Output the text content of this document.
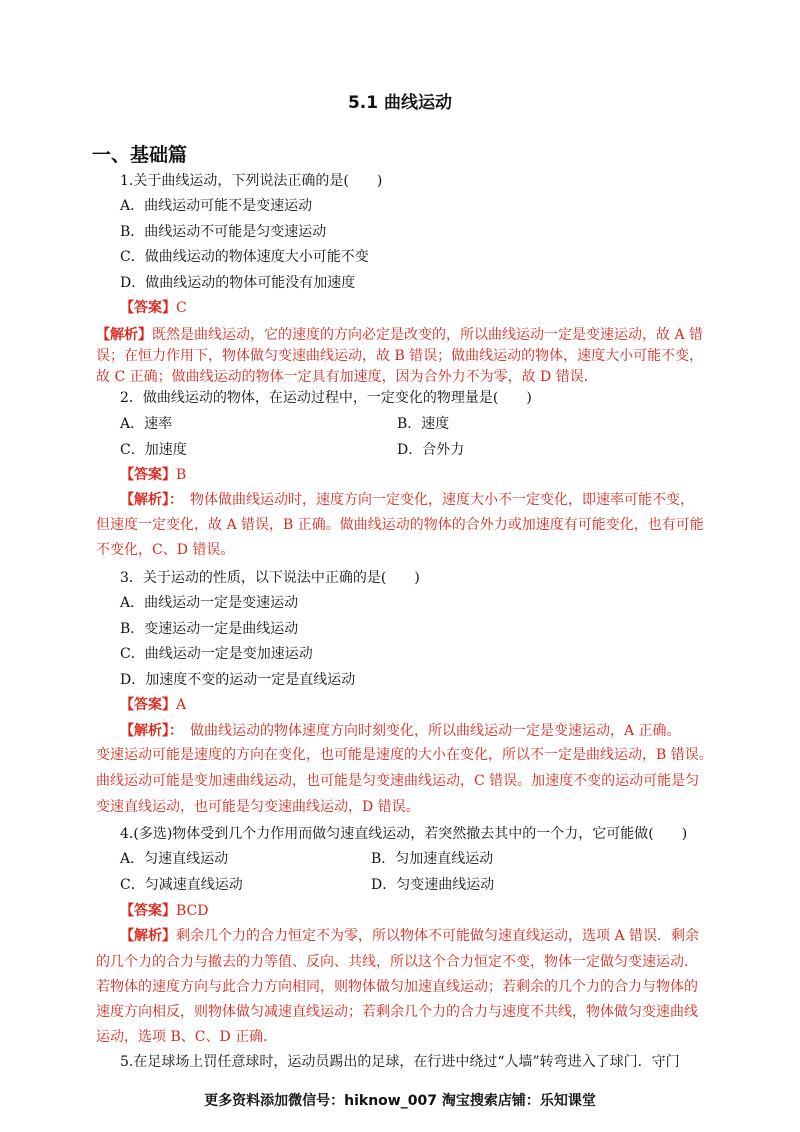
5.1 曲线运动
一、基础篇
1.关于曲线运动，下列说法正确的是(　　)
A．曲线运动可能不是变速运动
B．曲线运动不可能是匀变速运动
C．做曲线运动的物体速度大小可能不变
D．做曲线运动的物体可能没有加速度
【答案】C
【解析】既然是曲线运动，它的速度的方向必定是改变的，所以曲线运动一定是变速运动，故 A 错
误；在恒力作用下，物体做匀变速曲线运动，故 B 错误；做曲线运动的物体，速度大小可能不变，
故 C 正确；做曲线运动的物体一定具有加速度，因为合外力不为零，故 D 错误．
2．做曲线运动的物体，在运动过程中，一定变化的物理量是(　　)
A．速率	B．速度
C．加速度	D．合外力
【答案】B
【解析】：　物体做曲线运动时，速度方向一定变化，速度大小不一定变化，即速率可能不变，
但速度一定变化，故 A 错误，B 正确。做曲线运动的物体的合外力或加速度有可能变化，也有可能
不变化，C、D 错误。
3．关于运动的性质，以下说法中正确的是(　　)
A．曲线运动一定是变速运动
B．变速运动一定是曲线运动
C．曲线运动一定是变加速运动
D．加速度不变的运动一定是直线运动
【答案】A
【解析】：　做曲线运动的物体速度方向时刻变化，所以曲线运动一定是变速运动，A 正确。
变速运动可能是速度的方向在变化，也可能是速度的大小在变化，所以不一定是曲线运动，B 错误。
曲线运动可能是变加速曲线运动，也可能是匀变速曲线运动，C 错误。加速度不变的运动可能是匀
变速直线运动，也可能是匀变速曲线运动，D 错误。
4.(多选)物体受到几个力作用而做匀速直线运动，若突然撤去其中的一个力，它可能做(　　)
A．匀速直线运动	B．匀加速直线运动
C．匀减速直线运动	D．匀变速曲线运动
【答案】BCD
【解析】剩余几个力的合力恒定不为零，所以物体不可能做匀速直线运动，选项 A 错误．剩余
的几个力的合力与撤去的力等值、反向、共线，所以这个合力恒定不变，物体一定做匀变速运动．
若物体的速度方向与此合力方向相同，则物体做匀加速直线运动；若剩余的几个力的合力与物体的
速度方向相反，则物体做匀减速直线运动；若剩余几个力的合力与速度不共线，物体做匀变速曲线
运动，选项 B、C、D 正确．
5.在足球场上罚任意球时，运动员踢出的足球，在行进中绕过“人墙”转弯进入了球门．守门
更多资料添加微信号：hiknow_007 淘宝搜索店铺：乐知课堂
